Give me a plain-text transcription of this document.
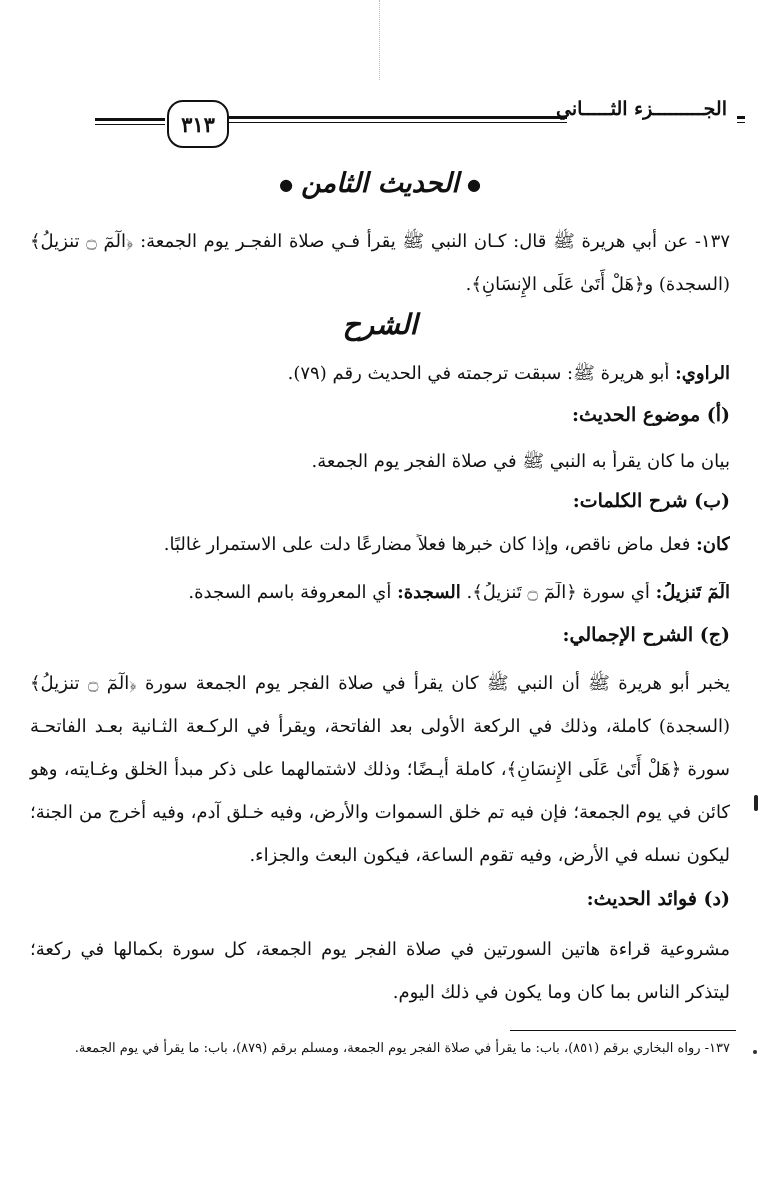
الجـــــــــزء الثـــــاني
٣١٣
●الحديث الثامن●
١٣٧- عن أبي هريرة ﷺ قال: كـان النبي ﷺ يقرأ فـي صلاة الفجـر يوم الجمعة: ﴿الٓمٓ ۝ تنزيلُ﴾ (السجدة) و﴿هَلْ أَتَىٰ عَلَى الإِنسَانِ﴾.
الشرح
الراوي: أبو هريرة ﷺ: سبقت ترجمته في الحديث رقم (٧٩).
(أ) موضوع الحديث:
بيان ما كان يقرأ به النبي ﷺ في صلاة الفجر يوم الجمعة.
(ب) شرح الكلمات:
كان: فعل ماض ناقص، وإذا كان خبرها فعلاً مضارعًا دلت على الاستمرار غالبًا.
الٓمٓ تَنزِيلُ: أي سورة ﴿الٓمٓ ۝ تَنزِيلُ﴾. السجدة: أي المعروفة باسم السجدة.
(ج) الشرح الإجمالي:
يخبر أبو هريرة ﷺ أن النبي ﷺ كان يقرأ في صلاة الفجر يوم الجمعة سورة ﴿الٓمٓ ۝ تنزيلُ﴾ (السجدة) كاملة، وذلك في الركعة الأولى بعد الفاتحة، ويقرأ في الركـعة الثـانية بعـد الفاتحـة سورة ﴿هَلْ أَتَىٰ عَلَى الإِنسَانِ﴾، كاملة أيـضًا؛ وذلك لاشتمالهما على ذكر مبدأ الخلق وغـايته، وهو كائن في يوم الجمعة؛ فإن فيه تم خلق السموات والأرض، وفيه خـلق آدم، وفيه أخرج من الجنة؛ ليكون نسله في الأرض، وفيه تقوم الساعة، فيكون البعث والجزاء.
(د) فوائد الحديث:
مشروعية قراءة هاتين السورتين في صلاة الفجر يوم الجمعة، كل سورة بكمالها في ركعة؛ ليتذكر الناس بما كان وما يكون في ذلك اليوم.
١٣٧- رواه البخاري برقم (٨٥١)، باب: ما يقرأ في صلاة الفجر يوم الجمعة، ومسلم برقم (٨٧٩)، باب: ما يقرأ في يوم الجمعة.
